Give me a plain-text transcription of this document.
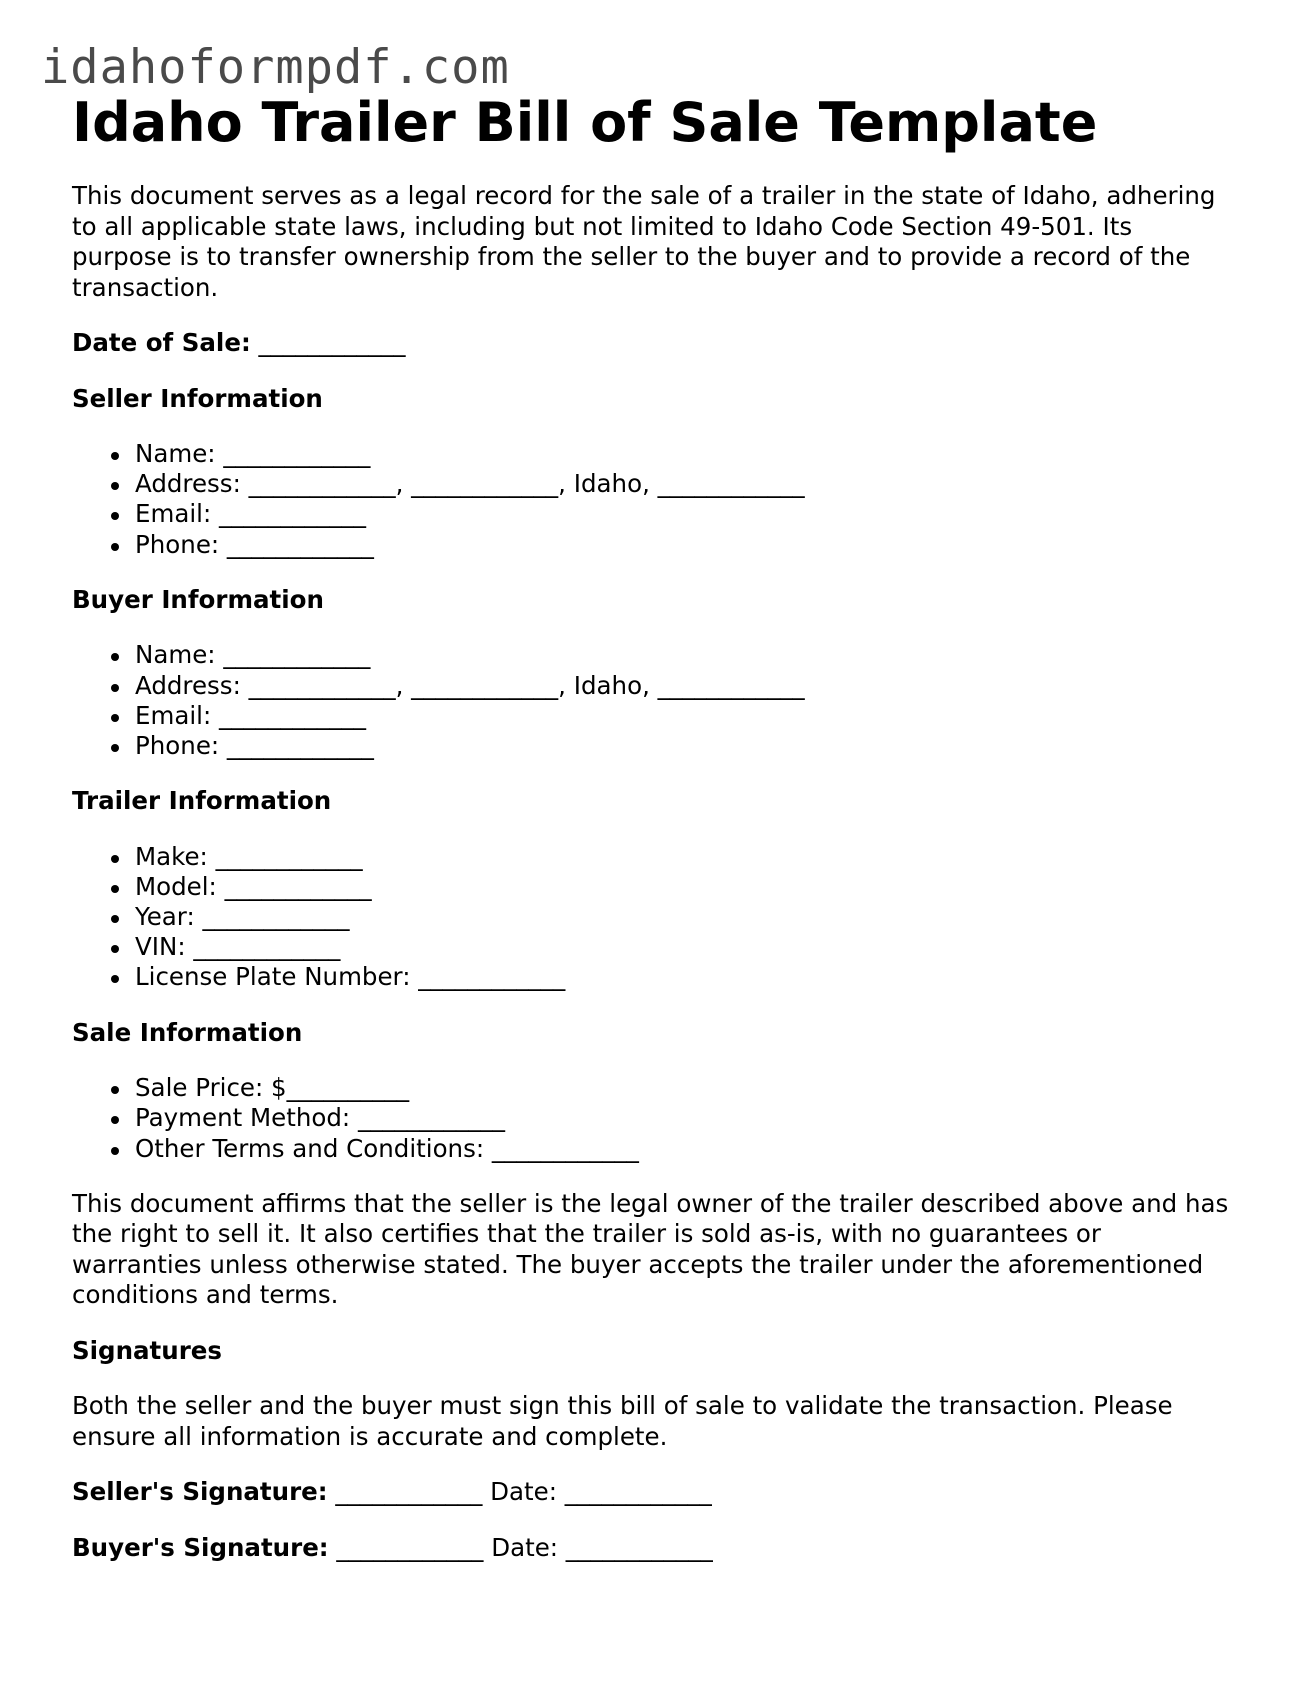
idahoformpdf.com
Idaho Trailer Bill of Sale Template

This document serves as a legal record for the sale of a trailer in the state of Idaho, adhering to all applicable state laws, including but not limited to Idaho Code Section 49-501. Its purpose is to transfer ownership from the seller to the buyer and to provide a record of the transaction.

Date of Sale: ____________
Seller Information
Name: ____________
Address: ____________, ____________, Idaho, ____________
Email: ____________
Phone: ____________
Buyer Information
Name: ____________
Address: ____________, ____________, Idaho, ____________
Email: ____________
Phone: ____________
Trailer Information
Make: ____________
Model: ____________
Year: ____________
VIN: ____________
License Plate Number: ____________
Sale Information
Sale Price: $__________
Payment Method: ____________
Other Terms and Conditions: ____________

This document affirms that the seller is the legal owner of the trailer described above and has the right to sell it. It also certifies that the trailer is sold as-is, with no guarantees or warranties unless otherwise stated. The buyer accepts the trailer under the aforementioned conditions and terms.

Signatures

Both the seller and the buyer must sign this bill of sale to validate the transaction. Please ensure all information is accurate and complete.

Seller's Signature: ____________ Date: ____________
Buyer's Signature: ____________ Date: ____________
